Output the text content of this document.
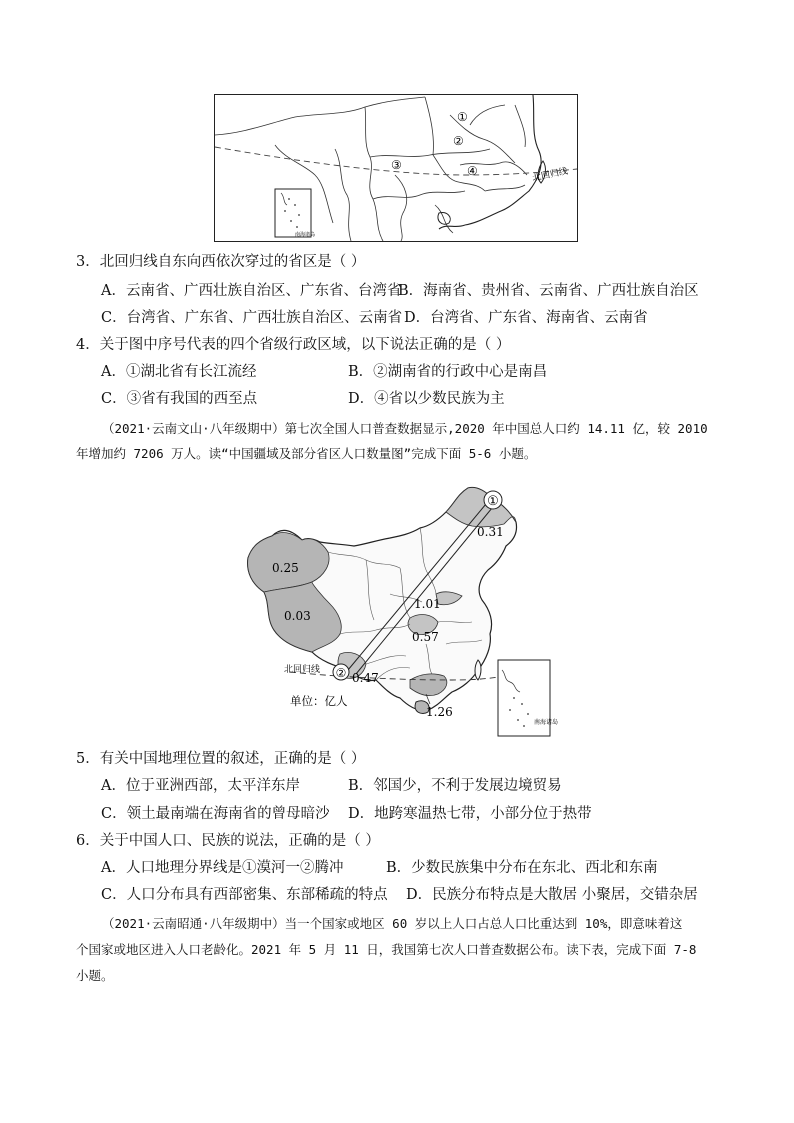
①
②
③	④	北回归线
南海诸岛
3．北回归线自东向西依次穿过的省区是（ ）
A．云南省、广西壮族自治区、广东省、台湾省
B．海南省、贵州省、云南省、广西壮族自治区
C．台湾省、广东省、广西壮族自治区、云南省 D．台湾省、广东省、海南省、云南省
4．关于图中序号代表的四个省级行政区域，以下说法正确的是（ ）
A．①湖北省有长江流经	B．②湖南省的行政中心是南昌
C．③省有我国的西至点	D．④省以少数民族为主
（2021·云南文山·八年级期中）第七次全国人口普查数据显示,2020 年中国总人口约 14.11 亿，较 2010
年增加约 7206 万人。读“中国疆域及部分省区人口数量图”完成下面 5-6 小题。
①
②
0.31
0.25
0.03
1.01
0.57
0.47
1.26
北回归线
单位：亿人
南海诸岛
5．有关中国地理位置的叙述，正确的是（ ）
A．位于亚洲西部，太平洋东岸	B．邻国少，不利于发展边境贸易
C．领土最南端在海南省的曾母暗沙 D．地跨寒温热七带，小部分位于热带
6．关于中国人口、民族的说法，正确的是（ ）
A．人口地理分界线是①漠河一②腾冲	B．少数民族集中分布在东北、西北和东南
C．人口分布具有西部密集、东部稀疏的特点 D．民族分布特点是大散居 小聚居，交错杂居
（2021·云南昭通·八年级期中）当一个国家或地区 60 岁以上人口占总人口比重达到 10%，即意味着这
个国家或地区进入人口老龄化。2021 年 5 月 11 日，我国第七次人口普查数据公布。读下表，完成下面 7-8
小题。
